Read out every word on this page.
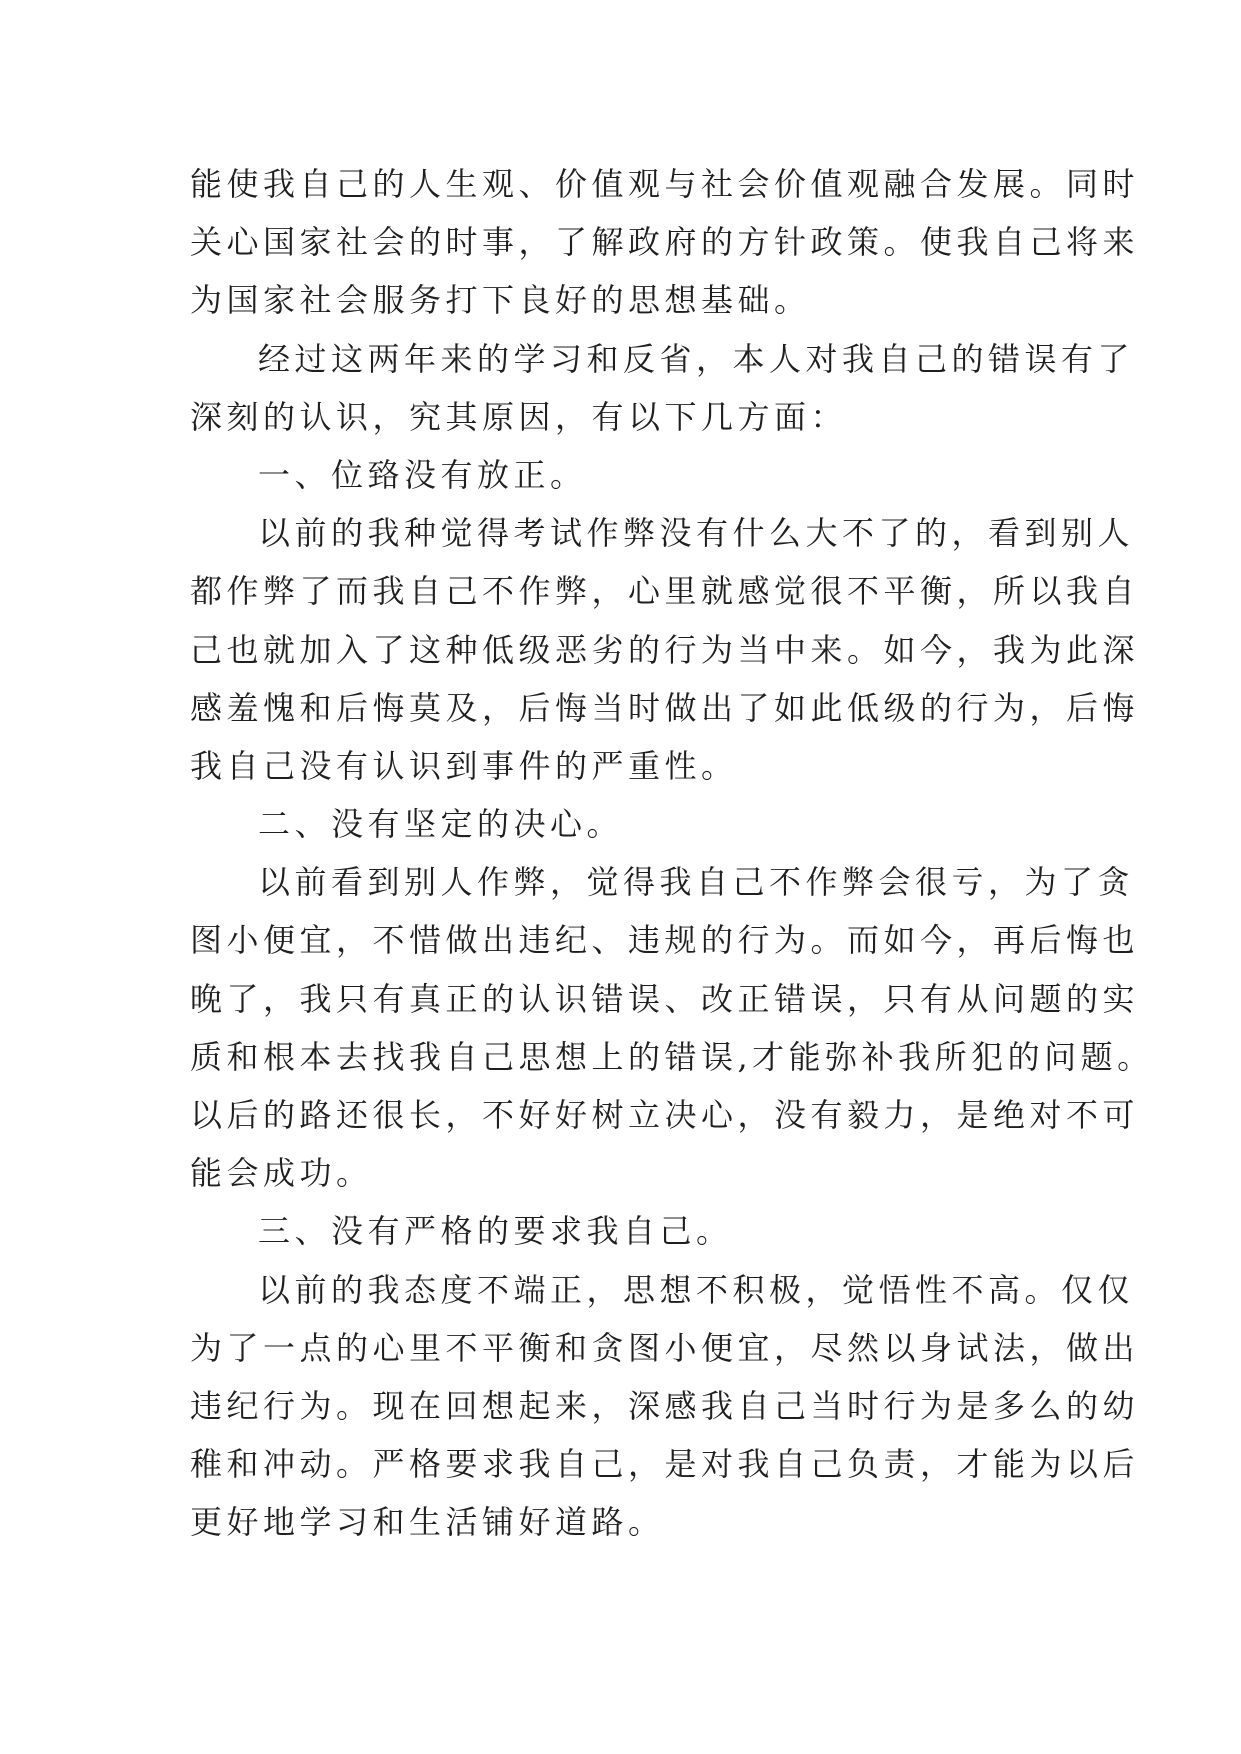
能使我自己的人生观、价值观与社会价值观融合发展。同时
关心国家社会的时事，了解政府的方针政策。使我自己将来
为国家社会服务打下良好的思想基础。
经过这两年来的学习和反省，本人对我自己的错误有了
深刻的认识，究其原因，有以下几方面：
一、位臵没有放正。
以前的我种觉得考试作弊没有什么大不了的，看到别人
都作弊了而我自己不作弊，心里就感觉很不平衡，所以我自
己也就加入了这种低级恶劣的行为当中来。如今，我为此深
感羞愧和后悔莫及，后悔当时做出了如此低级的行为，后悔
我自己没有认识到事件的严重性。
二、没有坚定的决心。
以前看到别人作弊，觉得我自己不作弊会很亏，为了贪
图小便宜，不惜做出违纪、违规的行为。而如今，再后悔也
晚了，我只有真正的认识错误、改正错误，只有从问题的实
质和根本去找我自己思想上的错误,才能弥补我所犯的问题。
以后的路还很长，不好好树立决心，没有毅力，是绝对不可
能会成功。
三、没有严格的要求我自己。
以前的我态度不端正，思想不积极，觉悟性不高。仅仅
为了一点的心里不平衡和贪图小便宜，尽然以身试法，做出
违纪行为。现在回想起来，深感我自己当时行为是多么的幼
稚和冲动。严格要求我自己，是对我自己负责，才能为以后
更好地学习和生活铺好道路。
